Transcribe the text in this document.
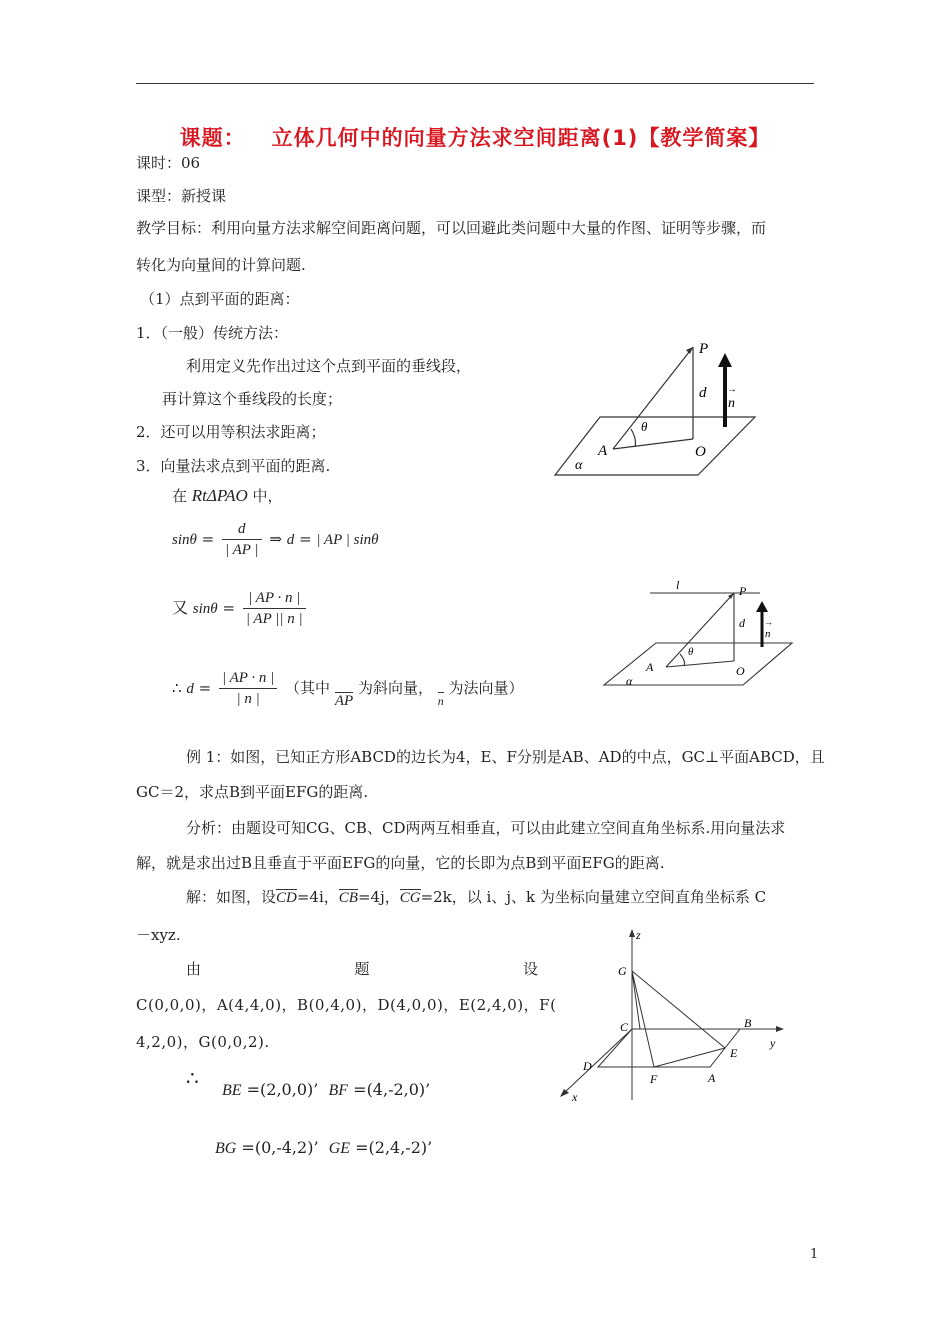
课题： 立体几何中的向量方法求空间距离(1)【教学简案】
课时：06
课型：新授课
教学目标：利用向量方法求解空间距离问题，可以回避此类问题中大量的作图、证明等步骤，而
转化为向量间的计算问题.
（1）点到平面的距离：
1．（一般）传统方法：
利用定义先作出过这个点到平面的垂线段，
再计算这个垂线段的长度；
2．还可以用等积法求距离；
3．向量法求点到平面的距离.
在 RtΔPAO 中，
$\sin\theta = \frac{d}{| AP |}$ ⇒ d = | AP | sinθ
又 $\sin\theta = \frac{| AP \cdot n |}{| AP || n |}$
∴ $d = \frac{| AP \cdot n |}{| n |}$ （其中 AP 为斜向量， n 为法向量）
例 1：如图，已知正方形ABCD的边长为4，E、F分别是AB、AD的中点，GC⊥平面ABCD，且
GC＝2，求点B到平面EFG的距离.
分析：由题设可知CG、CB、CD两两互相垂直，可以由此建立空间直角坐标系.用向量法求
解，就是求出过B且垂直于平面EFG的向量，它的长即为点B到平面EFG的距离.
解：如图，设CD=4i，CB=4j，CG=2k，以 i、j、k 为坐标向量建立空间直角坐标系 C
－xyz.
由	题	设
C(0,0,0)，A(4,4,0)，B(0,4,0)，D(4,0,0)，E(2,4,0)，F(
4,2,0)，G(0,0,2).
∴
BE =(2,0,0)’ BF =(4,-2,0)’
BG =(0,-4,2)’ GE =(2,4,-2)’
P
d
n
→
θ
A	O
α
l	P
d
n
→
θ
A	O
α
z
G
C	B
y
E
D
F	A
x
1
